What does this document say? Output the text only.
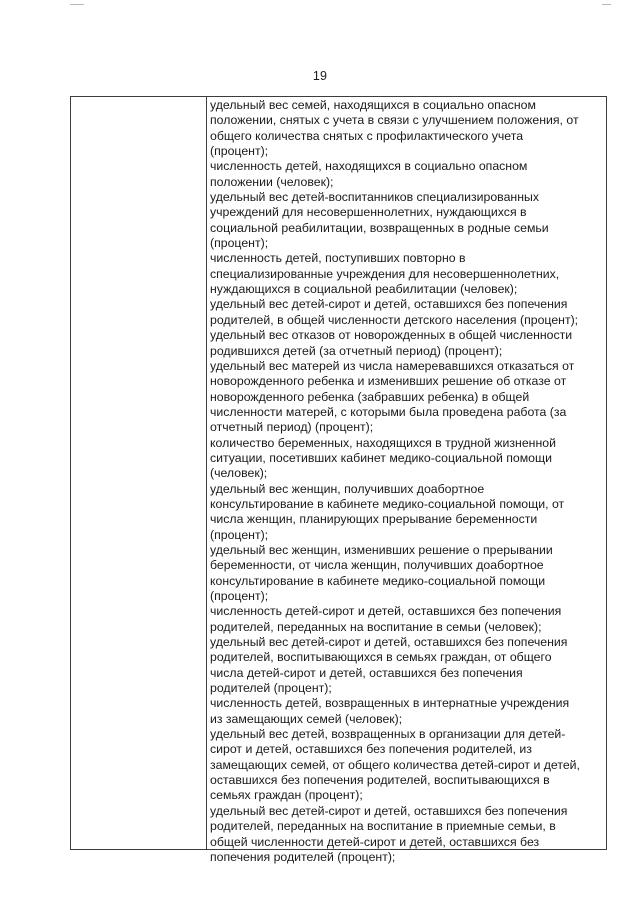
19
удельный вес семей, находящихся в социально опасном
положении, снятых с учета в связи с улучшением положения, от
общего количества снятых с профилактического учета
(процент);
численность детей, находящихся в социально опасном
положении (человек);
удельный вес детей-воспитанников специализированных
учреждений для несовершеннолетних, нуждающихся в
социальной реабилитации, возвращенных в родные семьи
(процент);
численность детей, поступивших повторно в
специализированные учреждения для несовершеннолетних,
нуждающихся в социальной реабилитации (человек);
удельный вес детей-сирот и детей, оставшихся без попечения
родителей, в общей численности детского населения (процент);
удельный вес отказов от новорожденных в общей численности
родившихся детей (за отчетный период) (процент);
удельный вес матерей из числа намеревавшихся отказаться от
новорожденного ребенка и изменивших решение об отказе от
новорожденного ребенка (забравших ребенка) в общей
численности матерей, с которыми была проведена работа (за
отчетный период) (процент);
количество беременных, находящихся в трудной жизненной
ситуации, посетивших кабинет медико-социальной помощи
(человек);
удельный вес женщин, получивших доабортное
консультирование в кабинете медико-социальной помощи, от
числа женщин, планирующих прерывание беременности
(процент);
удельный вес женщин, изменивших решение о прерывании
беременности, от числа женщин, получивших доабортное
консультирование в кабинете медико-социальной помощи
(процент);
численность детей-сирот и детей, оставшихся без попечения
родителей, переданных на воспитание в семьи (человек);
удельный вес детей-сирот и детей, оставшихся без попечения
родителей, воспитывающихся в семьях граждан, от общего
числа детей-сирот и детей, оставшихся без попечения
родителей (процент);
численность детей, возвращенных в интернатные учреждения
из замещающих семей (человек);
удельный вес детей, возвращенных в организации для детей-
сирот и детей, оставшихся без попечения родителей, из
замещающих семей, от общего количества детей-сирот и детей,
оставшихся без попечения родителей, воспитывающихся в
семьях граждан (процент);
удельный вес детей-сирот и детей, оставшихся без попечения
родителей, переданных на воспитание в приемные семьи, в
общей численности детей-сирот и детей, оставшихся без
попечения родителей (процент);
